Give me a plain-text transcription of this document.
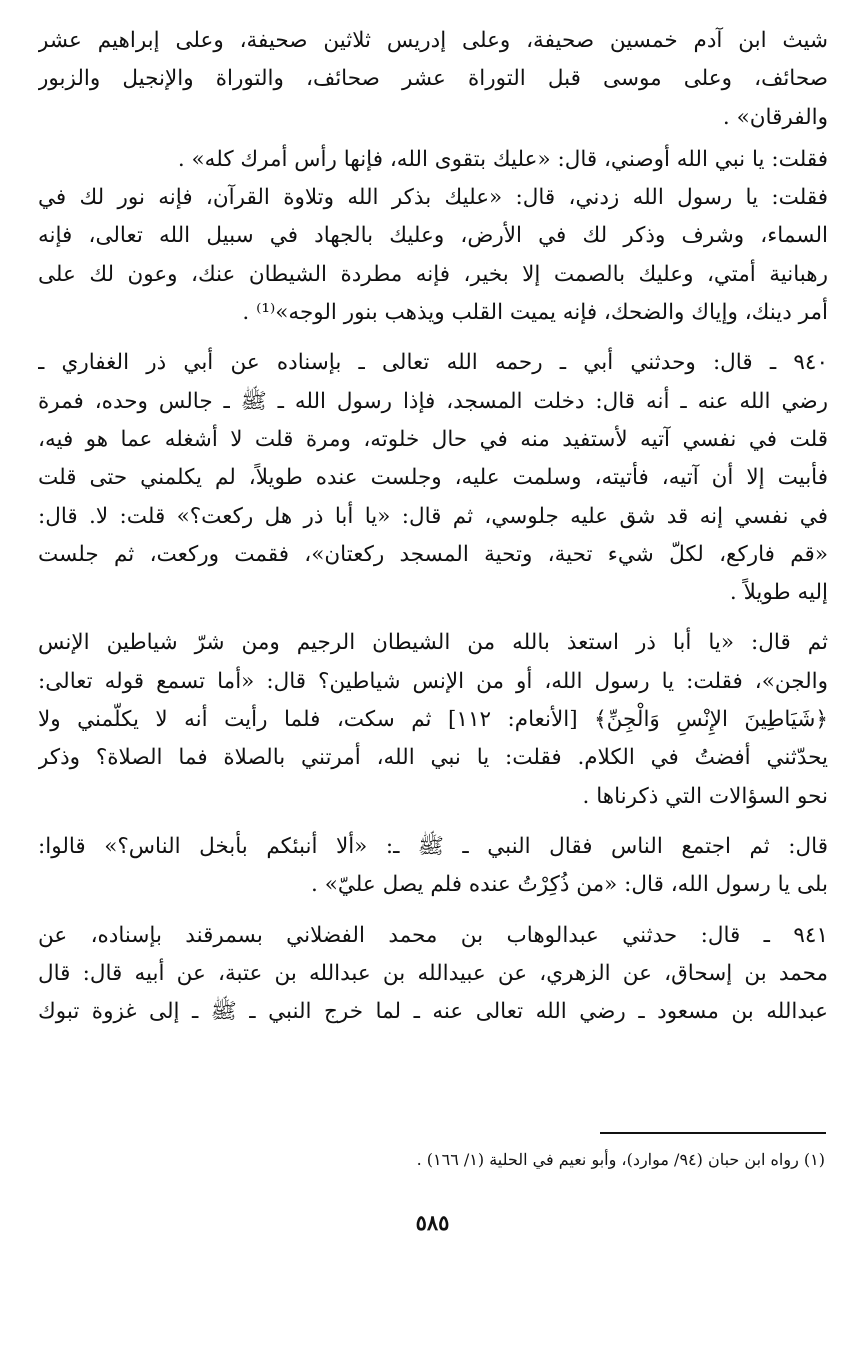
شيث ابن آدم خمسين صحيفة، وعلى إدريس ثلاثين صحيفة، وعلى إبراهيم عشر
صحائف، وعلى موسى قبل التوراة عشر صحائف، والتوراة والإنجيل والزبور
والفرقان» .
فقلت: يا نبي الله أوصني، قال: «عليك بتقوى الله، فإنها رأس أمرك كله» .
فقلت: يا رسول الله زدني، قال: «عليك بذكر الله وتلاوة القرآن، فإنه نور لك في
السماء، وشرف وذكر لك في الأرض، وعليك بالجهاد في سبيل الله تعالى، فإنه
رهبانية أمتي، وعليك بالصمت إلا بخير، فإنه مطردة الشيطان عنك، وعون لك على
أمر دينك، وإياك والضحك، فإنه يميت القلب ويذهب بنور الوجه»⁽¹⁾ .
٩٤٠ ـ قال: وحدثني أبي ـ رحمه الله تعالى ـ بإسناده عن أبي ذر الغفاري ـ
رضي الله عنه ـ أنه قال: دخلت المسجد، فإذا رسول الله ـ ﷺ ـ جالس وحده، فمرة
قلت في نفسي آتيه لأستفيد منه في حال خلوته، ومرة قلت لا أشغله عما هو فيه،
فأبيت إلا أن آتيه، فأتيته، وسلمت عليه، وجلست عنده طويلاً، لم يكلمني حتى قلت
في نفسي إنه قد شق عليه جلوسي، ثم قال: «يا أبا ذر هل ركعت؟» قلت: لا. قال:
«قم فاركع، لكلّ شيء تحية، وتحية المسجد ركعتان»، فقمت وركعت، ثم جلست
إليه طويلاً .
ثم قال: «يا أبا ذر استعذ بالله من الشيطان الرجيم ومن شرّ شياطين الإنس
والجن»، فقلت: يا رسول الله، أو من الإنس شياطين؟ قال: «أما تسمع قوله تعالى:
﴿شَيَاطِينَ الإِنْسِ وَالْجِنِّ﴾ [الأنعام: ١١٢] ثم سكت، فلما رأيت أنه لا يكلّمني ولا
يحدّثني أفضتُ في الكلام. فقلت: يا نبي الله، أمرتني بالصلاة فما الصلاة؟ وذكر
نحو السؤالات التي ذكرناها .
قال: ثم اجتمع الناس فقال النبي ـ ﷺ ـ: «ألا أنبئكم بأبخل الناس؟» قالوا:
بلى يا رسول الله، قال: «من ذُكِرْتُ عنده فلم يصل عليّ» .
٩٤١ ـ قال: حدثني عبدالوهاب بن محمد الفضلاني بسمرقند بإسناده، عن
محمد بن إسحاق، عن الزهري، عن عبيدالله بن عبدالله بن عتبة، عن أبيه قال: قال
عبدالله بن مسعود ـ رضي الله تعالى عنه ـ لما خرج النبي ـ ﷺ ـ إلى غزوة تبوك
(١) رواه ابن حبان (٩٤/ موارد)، وأبو نعيم في الحلية (١/ ١٦٦) .
٥٨٥
